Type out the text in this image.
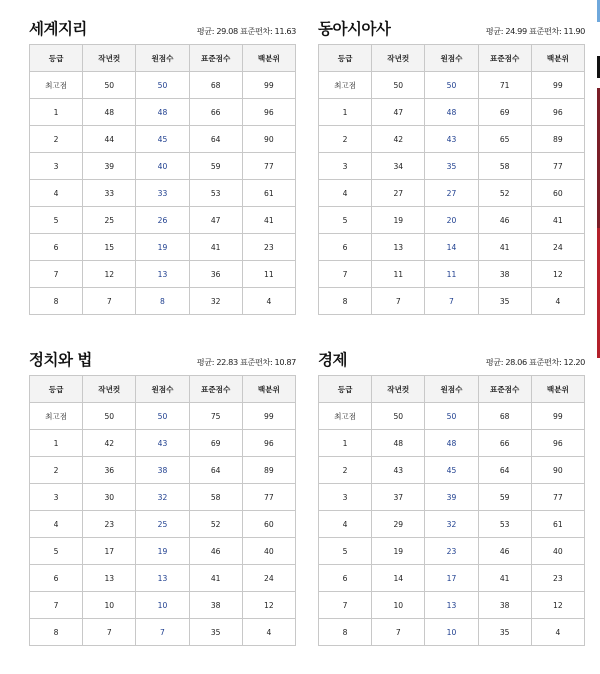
세계지리	평균: 29.08 표준편차: 11.63
등급	작년컷	원점수	표준점수	백분위
최고점	50	50	68	99
1	48	48	66	96
2	44	45	64	90
3	39	40	59	77
4	33	33	53	61
5	25	26	47	41
6	15	19	41	23
7	12	13	36	11
8	7	8	32	4
동아시아사	평균: 24.99 표준편차: 11.90
등급	작년컷	원점수	표준점수	백분위
최고점	50	50	71	99
1	47	48	69	96
2	42	43	65	89
3	34	35	58	77
4	27	27	52	60
5	19	20	46	41
6	13	14	41	24
7	11	11	38	12
8	7	7	35	4
정치와 법	평균: 22.83 표준편차: 10.87
등급	작년컷	원점수	표준점수	백분위
최고점	50	50	75	99
1	42	43	69	96
2	36	38	64	89
3	30	32	58	77
4	23	25	52	60
5	17	19	46	40
6	13	13	41	24
7	10	10	38	12
8	7	7	35	4
경제	평균: 28.06 표준편차: 12.20
등급	작년컷	원점수	표준점수	백분위
최고점	50	50	68	99
1	48	48	66	96
2	43	45	64	90
3	37	39	59	77
4	29	32	53	61
5	19	23	46	40
6	14	17	41	23
7	10	13	38	12
8	7	10	35	4
